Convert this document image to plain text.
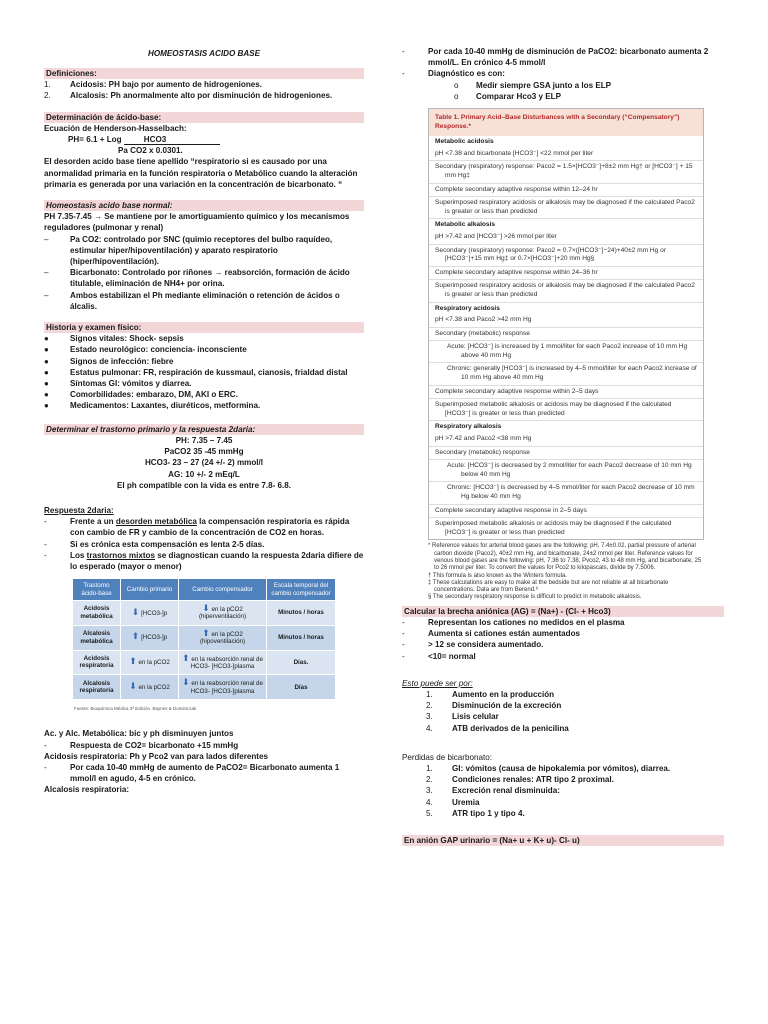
HOMEOSTASIS ACIDO BASE
Definiciones:
1.	Acidosis: PH bajo por aumento de hidrogeniones.
2.	Alcalosis: Ph anormalmente alto por disminución de hidrogeniones.
Determinación de ácido-base:
Ecuación de Henderson-Hasselbach:
PH= 6.1 + Log	HCO3
Pa CO2 x 0.0301.
El desorden acido base tiene apellido “respiratorio si es causado por una anormalidad primaria en la función respiratoria o Metabólico cuando la alteración primaria es generada por una variación en la concentración de bicarbonato. “
Homeostasis acido base normal:
PH 7.35-7.45 → Se mantiene por le amortiguamiento químico y los mecanismos reguladores (pulmonar y renal)
–	Pa CO2: controlado por SNC (quimio receptores del bulbo raquídeo, estimular hiper/hipoventilación) y aparato respiratorio (hiper/hipoventilación).
–	Bicarbonato: Controlado por riñones → reabsorción, formación de ácido titulable, eliminación de NH4+ por orina.
–	Ambos estabilizan el Ph mediante eliminación o retención de ácidos o álcalis.
Historia y examen físico:
●	Signos vitales: Shock- sepsis
●	Estado neurológico: conciencia- inconsciente
●	Signos de infección: fiebre
●	Estatus pulmonar: FR, respiración de kussmaul, cianosis, frialdad distal
●	Síntomas GI: vómitos y diarrea.
●	Comorbilidades: embarazo, DM, AKI o ERC.
●	Medicamentos: Laxantes, diuréticos, metformina.
Determinar el trastorno primario y la respuesta 2daria:
PH: 7.35 – 7.45
PaCO2 35 -45 mmHg
HCO3- 23 – 27 (24 +/- 2) mmol/l
AG: 10 +/- 2 mEq/L
El ph compatible con la vida es entre 7.8- 6.8.
Respuesta 2daria:
-	Frente a un desorden metabólica la compensación respiratoria es rápida con cambio de FR y cambio de la concentración de CO2 en horas.
-	Si es crónica esta compensación es lenta 2-5 días.
-	Los trastornos mixtos se diagnostican cuando la respuesta 2daria difiere de lo esperado (mayor o menor)
Trastorno ácido-base	Cambio primario	Cambio compensador	Escala temporal del cambio compensador
Acidosis metabólica	⬇ [HCO3-]p	⬇ en la pCO2 (hiperventilación)	Minutos / horas
Alcalosis metabólica	⬆ [HCO3-]p	⬆ en la pCO2 (hipoventilación)	Minutos / horas
Acidosis respiratoria	⬆ en la pCO2	⬆ en la reabsorción renal de HCO3- [HCO3-]plasma	Días.
Alcalosis respiratoria	⬇ en la pCO2	⬇ en la reabsorción renal de HCO3- [HCO3-]plasma	Días
Fuente: Bioquímica Médica 3ª Edición. Baynes & Dominiczak
Ac. y Alc. Metabólica: bic y ph disminuyen juntos
-	Respuesta de CO2= bicarbonato +15 mmHg
Acidosis respiratoria: Ph y Pco2 van para lados diferentes
-	Por cada 10-40 mmHg de aumento de PaCO2= Bicarbonato aumenta 1 mmol/l en agudo, 4-5 en crónico.
Alcalosis respiratoria:
-	Por cada 10-40 mmHg de disminución de PaCO2: bicarbonato aumenta 2 mmol/L. En crónico 4-5 mmol/l
-	Diagnóstico es con:
o	Medir siempre GSA junto a los ELP
o	Comparar Hco3 y ELP
Table 1. Primary Acid–Base Disturbances with a Secondary (“Compensatory”) Response.*
Metabolic acidosis
pH <7.38 and bicarbonate [HCO3⁻] <22 mmol per liter
Secondary (respiratory) response: Paco2 = 1.5×[HCO3⁻]+8±2 mm Hg† or [HCO3⁻] + 15 mm Hg‡
Complete secondary adaptive response within 12–24 hr
Superimposed respiratory acidosis or alkalosis may be diagnosed if the calculated Paco2 is greater or less than predicted
Metabolic alkalosis
pH >7.42 and [HCO3⁻] >26 mmol per liter
Secondary (respiratory) response: Paco2 = 0.7×([HCO3⁻]−24)+40±2 mm Hg or [HCO3⁻]+15 mm Hg‡ or 0.7×[HCO3⁻]+20 mm Hg§
Complete secondary adaptive response within 24–36 hr
Superimposed respiratory acidosis or alkalosis may be diagnosed if the calculated Paco2 is greater or less than predicted
Respiratory acidosis
pH <7.38 and Paco2 >42 mm Hg
Secondary (metabolic) response
Acute: [HCO3⁻] is increased by 1 mmol/liter for each Paco2 increase of 10 mm Hg above 40 mm Hg
Chronic: generally [HCO3⁻] is increased by 4–5 mmol/liter for each Paco2 increase of 10 mm Hg above 40 mm Hg
Complete secondary adaptive response within 2–5 days
Superimposed metabolic alkalosis or acidosis may be diagnosed if the calculated [HCO3⁻] is greater or less than predicted
Respiratory alkalosis
pH >7.42 and Paco2 <38 mm Hg
Secondary (metabolic) response
Acute: [HCO3⁻] is decreased by 2 mmol/liter for each Paco2 decrease of 10 mm Hg below 40 mm Hg
Chronic: [HCO3⁻] is decreased by 4–5 mmol/liter for each Paco2 decrease of 10 mm Hg below 40 mm Hg
Complete secondary adaptive response in 2–5 days
Superimposed metabolic alkalosis or acidosis may be diagnosed if the calculated [HCO3⁻] is greater or less than predicted
* Reference values for arterial blood gases are the following: pH, 7.4±0.02, partial pressure of arterial carbon dioxide (Paco2), 40±2 mm Hg, and bicarbonate, 24±2 mmol per liter. Reference values for venous blood gases are the following: pH, 7.36 to 7.38, Pvco2, 43 to 48 mm Hg, and bicarbonate, 25 to 26 mmol per liter. To convert the values for Pco2 to kilopascals, divide by 7.5006.
† This formula is also known as the Winters formula.
‡ These calculations are easy to make at the bedside but are not reliable at all bicarbonate concentrations. Data are from Berend.⁶
§ The secondary respiratory response is difficult to predict in metabolic alkalosis.
Calcular la brecha aniónica (AG) = (Na+) - (Cl- + Hco3)
-	Representan los cationes no medidos en el plasma
-	Aumenta si cationes están aumentados
-	> 12 se considera aumentado.
-	<10= normal
Esto puede ser por:
1.	Aumento en la producción
2.	Disminución de la excreción
3.	Lisis celular
4.	ATB derivados de la penicilina
Perdidas de bicarbonato:
1.	GI: vómitos (causa de hipokalemia por vómitos), diarrea.
2.	Condiciones renales: ATR tipo 2 proximal.
3.	Excreción renal disminuida:
4.	Uremia
5.	ATR tipo 1 y tipo 4.
En anión GAP urinario = (Na+ u + K+ u)- Cl- u)
